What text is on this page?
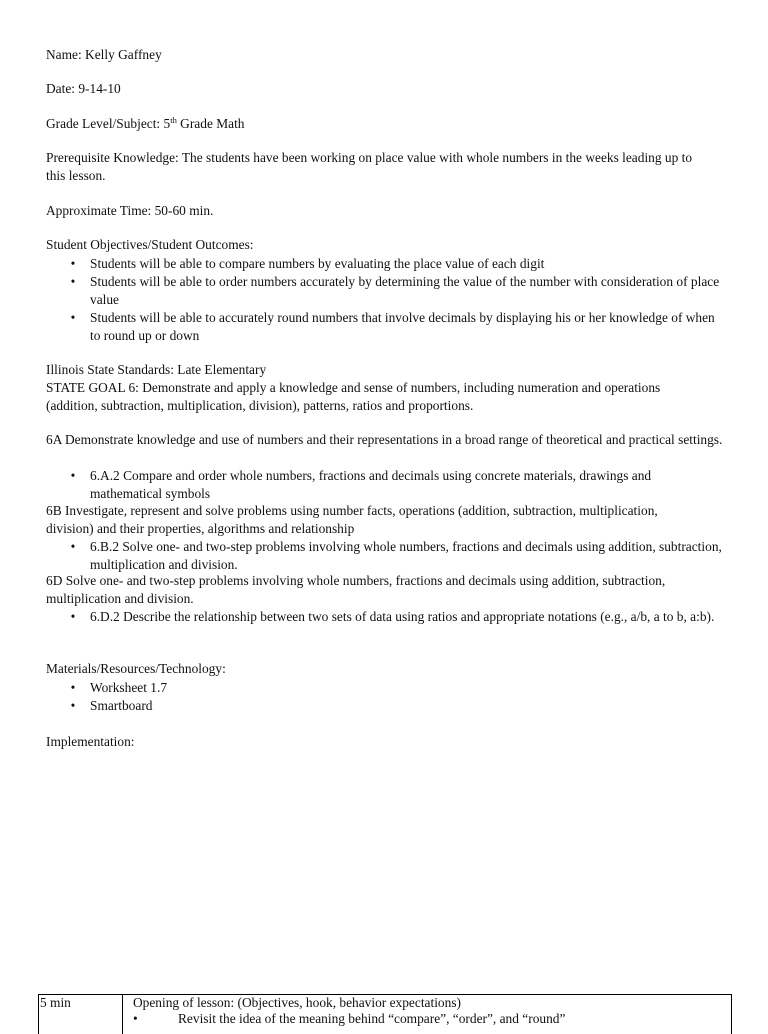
Name: Kelly Gaffney
Date: 9-14-10
Grade Level/Subject: 5th Grade Math
Prerequisite Knowledge: The students have been working on place value with whole numbers in the weeks leading up to this lesson.
Approximate Time: 50-60 min.
Student Objectives/Student Outcomes:
• Students will be able to compare numbers by evaluating the place value of each digit
• Students will be able to order numbers accurately by determining the value of the number with consideration of place value
• Students will be able to accurately round numbers that involve decimals by displaying his or her knowledge of when to round up or down
Illinois State Standards: Late Elementary
STATE GOAL 6: Demonstrate and apply a knowledge and sense of numbers, including numeration and operations (addition, subtraction, multiplication, division), patterns, ratios and proportions.
6A Demonstrate knowledge and use of numbers and their representations in a broad range of theoretical and practical settings.
• 6.A.2 Compare and order whole numbers, fractions and decimals using concrete materials, drawings and mathematical symbols
6B Investigate, represent and solve problems using number facts, operations (addition, subtraction, multiplication, division) and their properties, algorithms and relationship
• 6.B.2 Solve one- and two-step problems involving whole numbers, fractions and decimals using addition, subtraction, multiplication and division.
6D Solve one- and two-step problems involving whole numbers, fractions and decimals using addition, subtraction, multiplication and division.
• 6.D.2 Describe the relationship between two sets of data using ratios and appropriate notations (e.g., a/b, a to b, a:b).
Materials/Resources/Technology:
• Worksheet 1.7
• Smartboard
Implementation:
5 min	Opening of lesson: (Objectives, hook, behavior expectations)
•	Revisit the idea of the meaning behind “compare”, “order”, and “round”
